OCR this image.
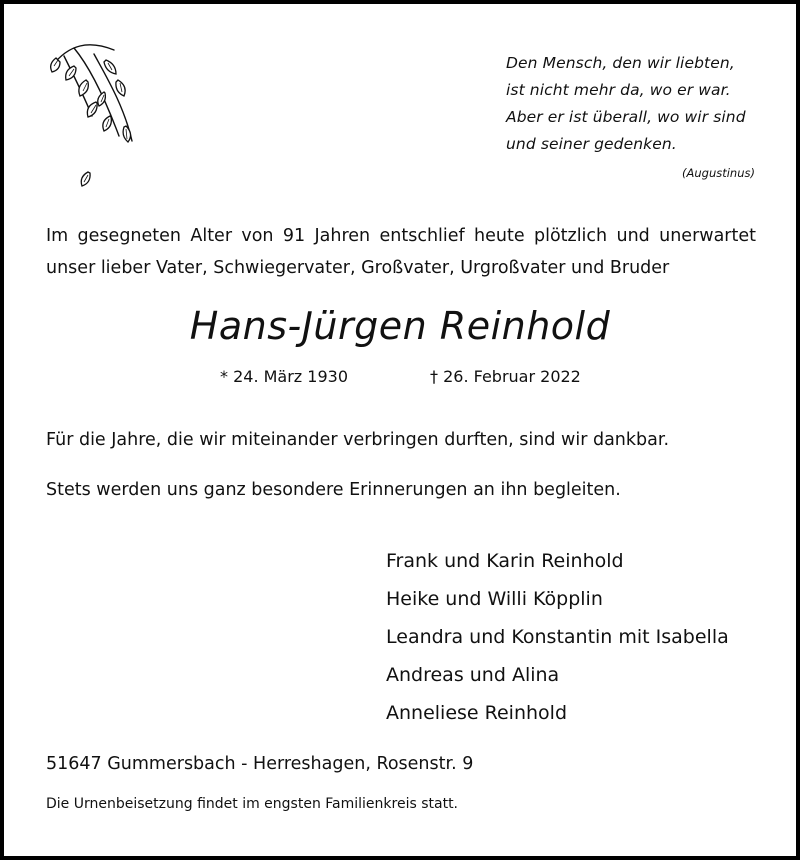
Den Mensch, den wir liebten,
ist nicht mehr da, wo er war.
Aber er ist überall, wo wir sind
und seiner gedenken.
(Augustinus)
Im gesegneten Alter von 91 Jahren entschlief heute plötzlich und unerwartet
unser lieber Vater, Schwiegervater, Großvater, Urgroßvater und Bruder
Hans-Jürgen Reinhold
* 24. März 1930	† 26. Februar 2022
Für die Jahre, die wir miteinander verbringen durften, sind wir dankbar.
Stets werden uns ganz besondere Erinnerungen an ihn begleiten.
Frank und Karin Reinhold
Heike und Willi Köpplin
Leandra und Konstantin mit Isabella
Andreas und Alina
Anneliese Reinhold
51647 Gummersbach - Herreshagen, Rosenstr. 9
Die Urnenbeisetzung findet im engsten Familienkreis statt.
